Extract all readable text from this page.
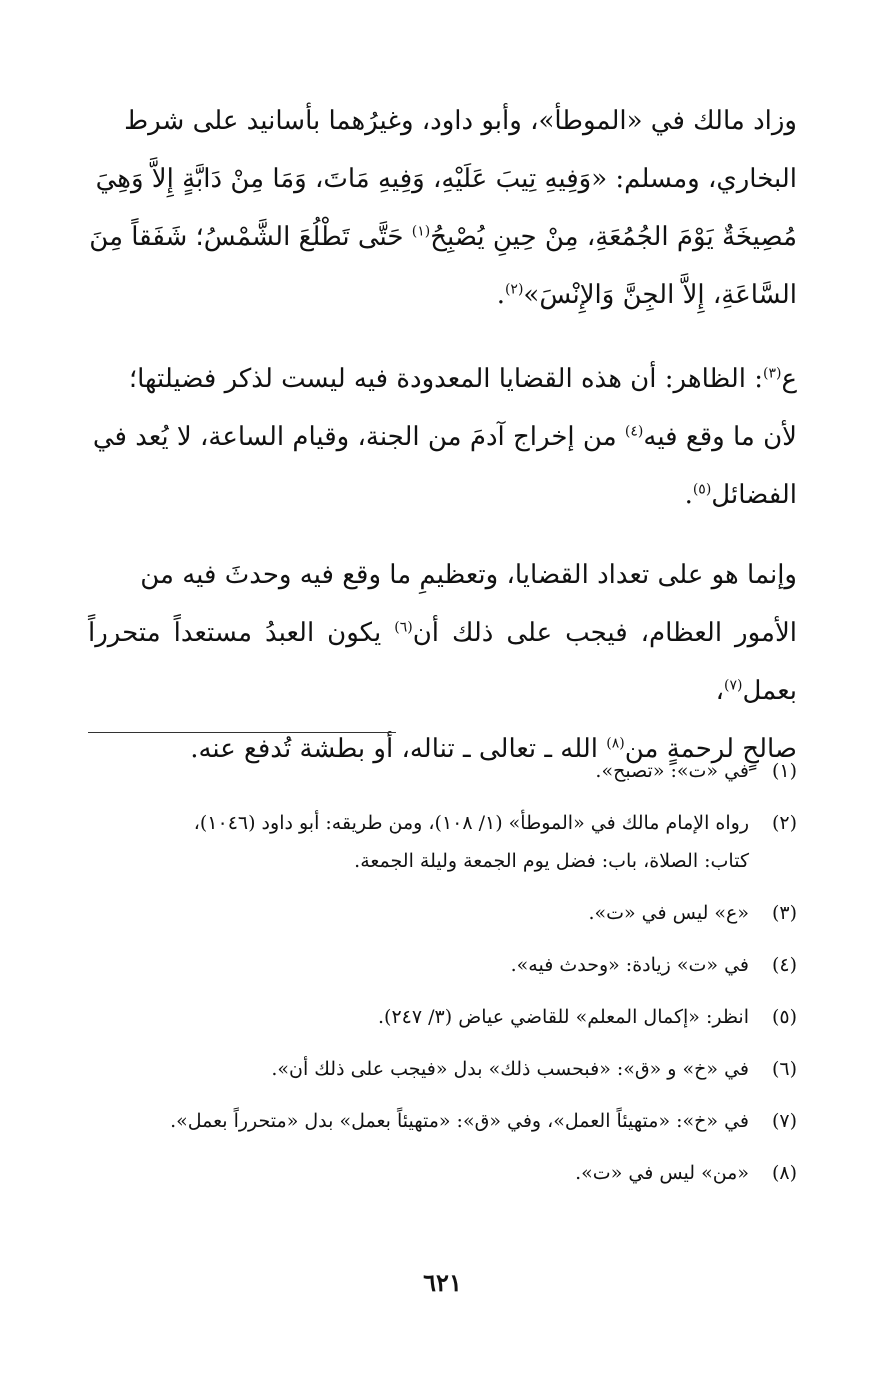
وزاد مالك في «الموطأ»، وأبو داود، وغيرُهما بأسانيد على شرط
البخاري، ومسلم: «وَفِيهِ تِيبَ عَلَيْهِ، وَفِيهِ مَاتَ، وَمَا مِنْ دَابَّةٍ إِلاَّ وَهِيَ
مُصِيخَةٌ يَوْمَ الجُمُعَةِ، مِنْ حِينِ يُصْبِحُ$^{(١)}$ حَتَّى تَطْلُعَ الشَّمْسُ؛ شَفَقاً مِنَ
السَّاعَةِ، إِلاَّ الجِنَّ وَالإِنْسَ»$^{(٢)}$.

ع$^{(٣)}$: الظاهر: أن هذه القضايا المعدودة فيه ليست لذكر فضيلتها؛
لأن ما وقع فيه$^{(٤)}$ من إخراج آدمَ من الجنة، وقيام الساعة، لا يُعد في
الفضائل$^{(٥)}$.

وإنما هو على تعداد القضايا، وتعظيمِ ما وقع فيه وحدثَ فيه من
الأمور العظام، فيجب على ذلك أن$^{(٦)}$ يكون العبدُ مستعداً متحرراً بعمل$^{(٧)}$،
صالحٍ لرحمةٍ من$^{(٨)}$ الله ـ تعالى ـ تناله، أو بطشة تُدفع عنه.

(١)
في «ت»: «تصبح».
(٢)
رواه الإمام مالك في «الموطأ» (١/ ١٠٨)، ومن طريقه: أبو داود (١٠٤٦)،
كتاب: الصلاة، باب: فضل يوم الجمعة وليلة الجمعة.
(٣)
«ع» ليس في «ت».
(٤)
في «ت» زيادة: «وحدث فيه».
(٥)
انظر: «إكمال المعلم» للقاضي عياض (٣/ ٢٤٧).
(٦)
في «خ» و «ق»: «فبحسب ذلك» بدل «فيجب على ذلك أن».
(٧)
في «خ»: «متهيئاً العمل»، وفي «ق»: «متهيئاً بعمل» بدل «متحرراً بعمل».
(٨)
«من» ليس في «ت».
٦٢١
